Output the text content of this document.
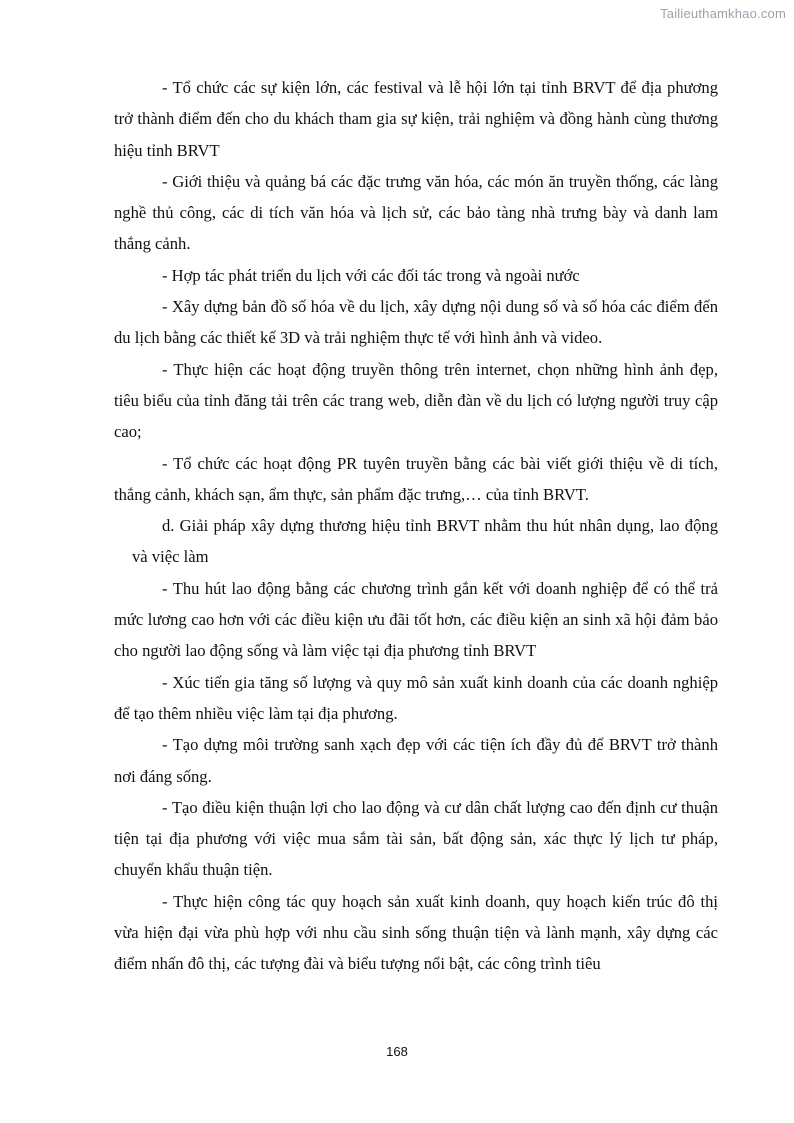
Tailieuthamkhao.com

- Tổ chức các sự kiện lớn, các festival và lễ hội lớn tại tỉnh BRVT để địa phương trở thành điểm đến cho du khách tham gia sự kiện, trải nghiệm và đồng hành cùng thương hiệu tỉnh BRVT

- Giới thiệu và quảng bá các đặc trưng văn hóa, các món ăn truyền thống, các làng nghề thủ công, các di tích văn hóa và lịch sử, các bảo tàng nhà trưng bày và danh lam thắng cảnh.

- Hợp tác phát triển du lịch với các đối tác trong và ngoài nước

- Xây dựng bản đồ số hóa về du lịch, xây dựng nội dung số và số hóa các điểm đến du lịch bằng các thiết kế 3D và trải nghiệm thực tế với hình ảnh và video.

- Thực hiện các hoạt động truyền thông trên internet, chọn những hình ảnh đẹp, tiêu biểu của tỉnh đăng tải trên các trang web, diễn đàn về du lịch có lượng người truy cập cao;

- Tổ chức các hoạt động PR tuyên truyền bằng các bài viết giới thiệu về di tích, thắng cảnh, khách sạn, ẩm thực, sản phẩm đặc trưng,… của tỉnh BRVT.

d. Giải pháp xây dựng thương hiệu tỉnh BRVT nhằm thu hút nhân dụng, lao động và việc làm

- Thu hút lao động bằng các chương trình gắn kết với doanh nghiệp để có thể trả mức lương cao hơn với các điều kiện ưu đãi tốt hơn, các điều kiện an sinh xã hội đảm bảo cho người lao động sống và làm việc tại địa phương tỉnh BRVT

- Xúc tiến gia tăng số lượng và quy mô sản xuất kinh doanh của các doanh nghiệp để tạo thêm nhiều việc làm tại địa phương.

- Tạo dựng môi trường sanh xạch đẹp với các tiện ích đầy đủ để BRVT trở thành nơi đáng sống.

- Tạo điều kiện thuận lợi cho lao động và cư dân chất lượng cao đến định cư thuận tiện tại địa phương với việc mua sắm tài sản, bất động sản, xác thực lý lịch tư pháp, chuyển khẩu thuận tiện.

- Thực hiện công tác quy hoạch sản xuất kinh doanh, quy hoạch kiến trúc đô thị vừa hiện đại vừa phù hợp với nhu cầu sinh sống thuận tiện và lành mạnh, xây dựng các điểm nhấn đô thị, các tượng đài và biểu tượng nổi bật, các công trình tiêu

168
